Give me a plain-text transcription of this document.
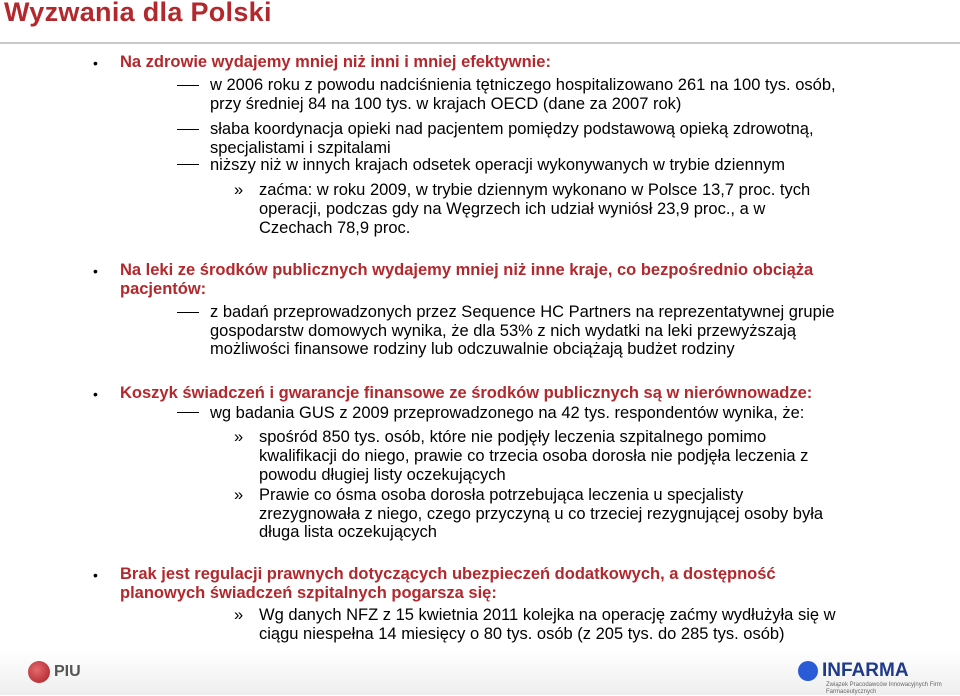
Wyzwania dla Polski
• Na zdrowie wydajemy mniej niż inni i mniej efektywnie:
w 2006 roku z powodu nadciśnienia tętniczego hospitalizowano 261 na 100 tys. osób,
przy średniej 84 na 100 tys. w krajach OECD (dane za 2007 rok)
słaba koordynacja opieki nad pacjentem pomiędzy podstawową opieką zdrowotną,
specjalistami i szpitalami
niższy niż w innych krajach odsetek operacji wykonywanych w trybie dziennym
» zaćma: w roku 2009, w trybie dziennym wykonano w Polsce 13,7 proc. tych
operacji, podczas gdy na Węgrzech ich udział wyniósł 23,9 proc., a w
Czechach 78,9 proc.
• Na leki ze środków publicznych wydajemy mniej niż inne kraje, co bezpośrednio obciąża
pacjentów:
z badań przeprowadzonych przez Sequence HC Partners na reprezentatywnej grupie
gospodarstw domowych wynika, że dla 53% z nich wydatki na leki przewyższają
możliwości finansowe rodziny lub odczuwalnie obciążają budżet rodziny
• Koszyk świadczeń i gwarancje finansowe ze środków publicznych są w nierównowadze:
wg badania GUS z 2009 przeprowadzonego na 42 tys. respondentów wynika, że:
» spośród 850 tys. osób, które nie podjęły leczenia szpitalnego pomimo
kwalifikacji do niego, prawie co trzecia osoba dorosła nie podjęła leczenia z
powodu długiej listy oczekujących
» Prawie co ósma osoba dorosła potrzebująca leczenia u specjalisty
zrezygnowała z niego, czego przyczyną u co trzeciej rezygnującej osoby była
długa lista oczekujących
• Brak jest regulacji prawnych dotyczących ubezpieczeń dodatkowych, a dostępność
planowych świadczeń szpitalnych pogarsza się:
» Wg danych NFZ z 15 kwietnia 2011 kolejka na operację zaćmy wydłużyła się w
ciągu niespełna 14 miesięcy o 80 tys. osób (z 205 tys. do 285 tys. osób)
PIU	INFARMA
Związek Pracodawców Innowacyjnych Firm Farmaceutycznych
